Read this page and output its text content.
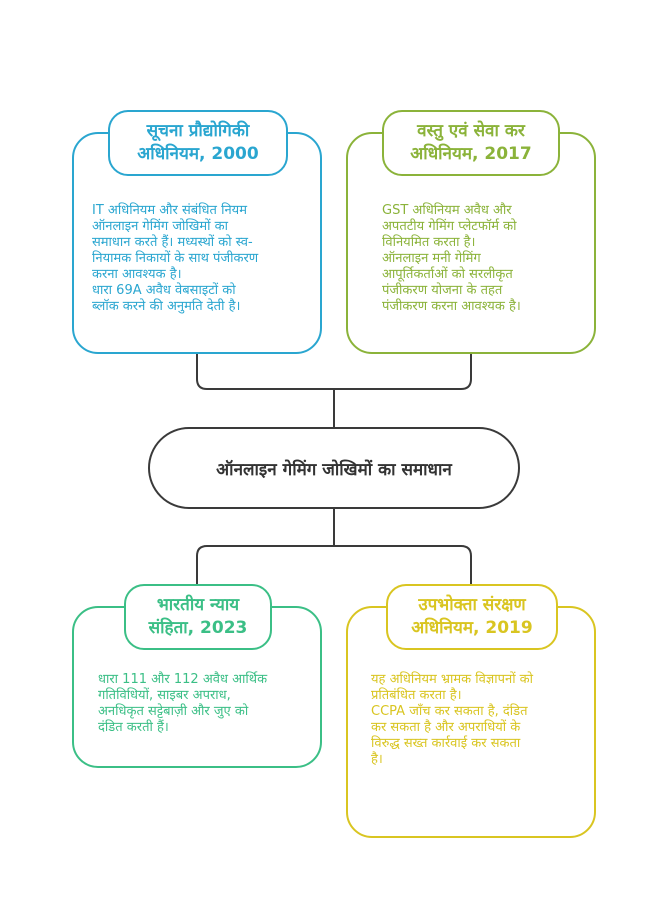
सूचना प्रौद्योगिकी
अधिनियम, 2000
IT अधिनियम और संबंधित नियम
ऑनलाइन गेमिंग जोखिमों का
समाधान करते हैं। मध्यस्थों को स्व-
नियामक निकायों के साथ पंजीकरण
करना आवश्यक है।
धारा 69A अवैध वेबसाइटों को
ब्लॉक करने की अनुमति देती है।
वस्तु एवं सेवा कर
अधिनियम, 2017
GST अधिनियम अवैध और
अपतटीय गेमिंग प्लेटफॉर्म को
विनियमित करता है।
ऑनलाइन मनी गेमिंग
आपूर्तिकर्ताओं को सरलीकृत
पंजीकरण योजना के तहत
पंजीकरण करना आवश्यक है।
ऑनलाइन गेमिंग जोखिमों का समाधान
भारतीय न्याय
संहिता, 2023
धारा 111 और 112 अवैध आर्थिक
गतिविधियों, साइबर अपराध,
अनधिकृत सट्टेबाज़ी और जुए को
दंडित करती हैं।
उपभोक्ता संरक्षण
अधिनियम, 2019
यह अधिनियम भ्रामक विज्ञापनों को
प्रतिबंधित करता है।
CCPA जाँच कर सकता है, दंडित
कर सकता है और अपराधियों के
विरुद्ध सख्त कार्रवाई कर सकता
है।
